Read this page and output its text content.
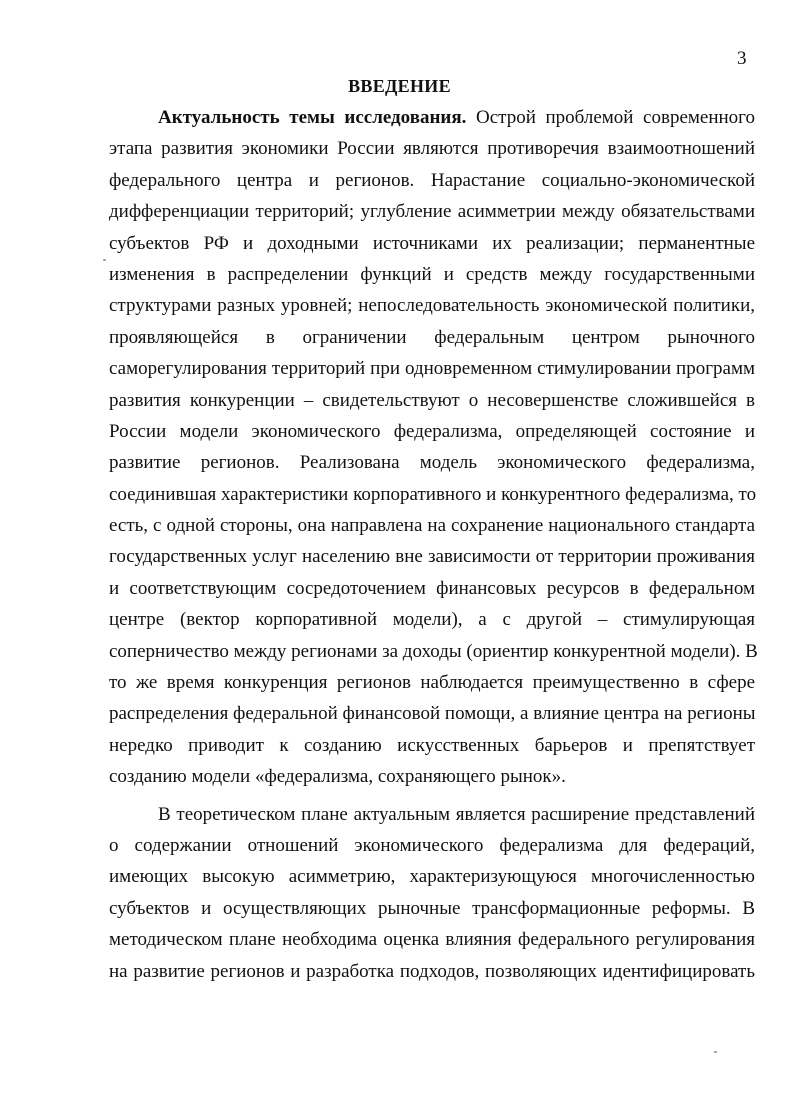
3
ВВЕДЕНИЕ
Актуальность темы исследования. Острой проблемой современного
этапа развития экономики России являются противоречия взаимоотношений
федерального центра и регионов. Нарастание социально-экономической
дифференциации территорий; углубление асимметрии между обязательствами
субъектов РФ и доходными источниками их реализации; перманентные
изменения в распределении функций и средств между государственными
структурами разных уровней; непоследовательность экономической политики,
проявляющейся в ограничении федеральным центром рыночного
саморегулирования территорий при одновременном стимулировании программ
развития конкуренции – свидетельствуют о несовершенстве сложившейся в
России модели экономического федерализма, определяющей состояние и
развитие регионов. Реализована модель экономического федерализма,
соединившая характеристики корпоративного и конкурентного федерализма, то
есть, с одной стороны, она направлена на сохранение национального стандарта
государственных услуг населению вне зависимости от территории проживания
и соответствующим сосредоточением финансовых ресурсов в федеральном
центре (вектор корпоративной модели), а с другой – стимулирующая
соперничество между регионами за доходы (ориентир конкурентной модели). В
то же время конкуренция регионов наблюдается преимущественно в сфере
распределения федеральной финансовой помощи, а влияние центра на регионы
нередко приводит к созданию искусственных барьеров и препятствует
созданию модели «федерализма, сохраняющего рынок».
В теоретическом плане актуальным является расширение представлений
о содержании отношений экономического федерализма для федераций,
имеющих высокую асимметрию, характеризующуюся многочисленностью
субъектов и осуществляющих рыночные трансформационные реформы. В
методическом плане необходима оценка влияния федерального регулирования
на развитие регионов и разработка подходов, позволяющих идентифицировать
